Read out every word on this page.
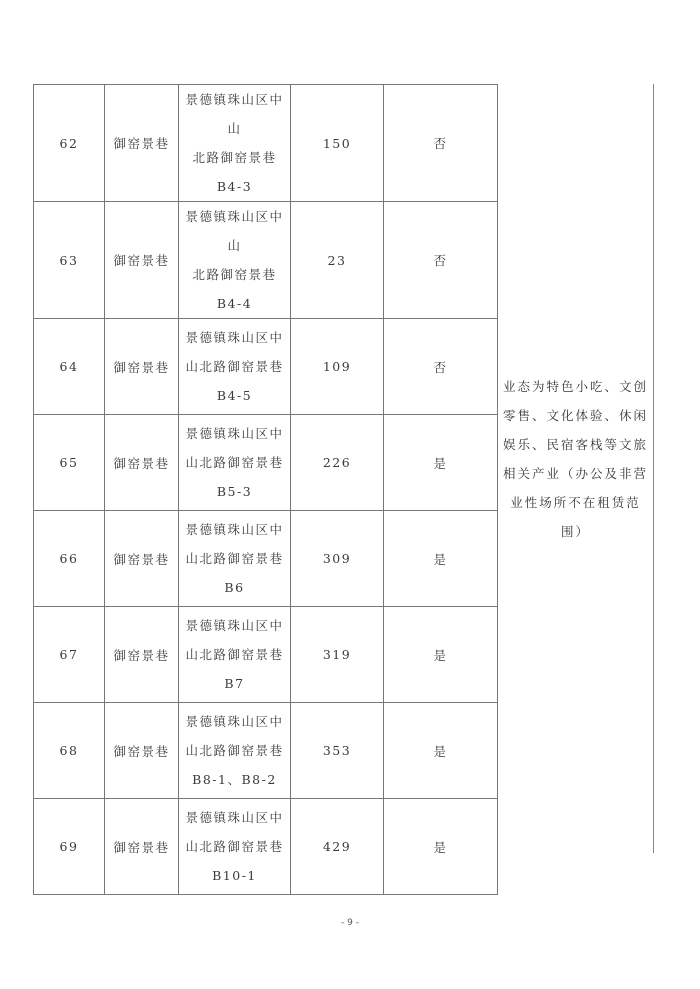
62	御窑景巷	景德镇珠山区中山
北路御窑景巷 B4-3	150	否
63	御窑景巷	景德镇珠山区中山
北路御窑景巷 B4-4	23	否
64	御窑景巷	景德镇珠山区中
山北路御窑景巷
B4-5	109	否
65	御窑景巷	景德镇珠山区中
山北路御窑景巷
B5-3	226	是
66	御窑景巷	景德镇珠山区中
山北路御窑景巷
B6	309	是
67	御窑景巷	景德镇珠山区中
山北路御窑景巷
B7	319	是
68	御窑景巷	景德镇珠山区中
山北路御窑景巷
B8-1、B8-2	353	是
69	御窑景巷	景德镇珠山区中
山北路御窑景巷
B10-1	429	是
业态为特色小吃、文创
零售、文化体验、休闲
娱乐、民宿客栈等文旅
相关产业（办公及非营
业性场所不在租赁范
围）
- 9 -
